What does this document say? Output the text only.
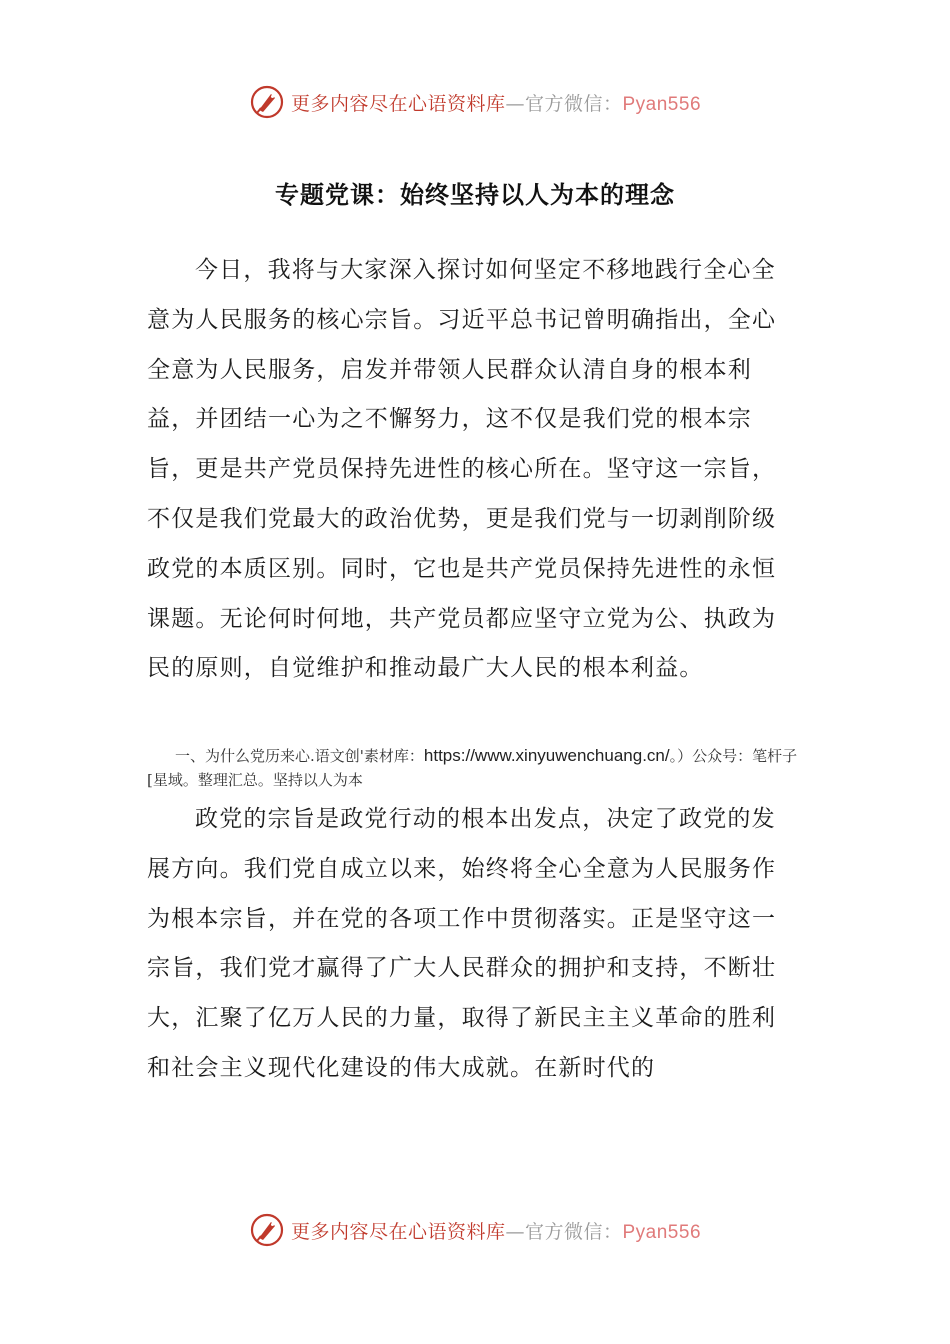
更多内容尽在心语资料库—官方微信：Pyan556
专题党课：始终坚持以人为本的理念

今日，我将与大家深入探讨如何坚定不移地践行全心全意为人民服务的核心宗旨。习近平总书记曾明确指出，全心全意为人民服务，启发并带领人民群众认清自身的根本利益，并团结一心为之不懈努力，这不仅是我们党的根本宗旨，更是共产党员保持先进性的核心所在。坚守这一宗旨，不仅是我们党最大的政治优势，更是我们党与一切剥削阶级政党的本质区别。同时，它也是共产党员保持先进性的永恒课题。无论何时何地，共产党员都应坚守立党为公、执政为民的原则，自觉维护和推动最广大人民的根本利益。

一、为什么党历来心.语文创'素材库：https://www.xinyuwenchuang.cn/。）公众号：笔杆子[星域。整理汇总。坚持以人为本

政党的宗旨是政党行动的根本出发点，决定了政党的发展方向。我们党自成立以来，始终将全心全意为人民服务作为根本宗旨，并在党的各项工作中贯彻落实。正是坚守这一宗旨，我们党才赢得了广大人民群众的拥护和支持，不断壮大，汇聚了亿万人民的力量，取得了新民主主义革命的胜利和社会主义现代化建设的伟大成就。在新时代的

更多内容尽在心语资料库—官方微信：Pyan556
